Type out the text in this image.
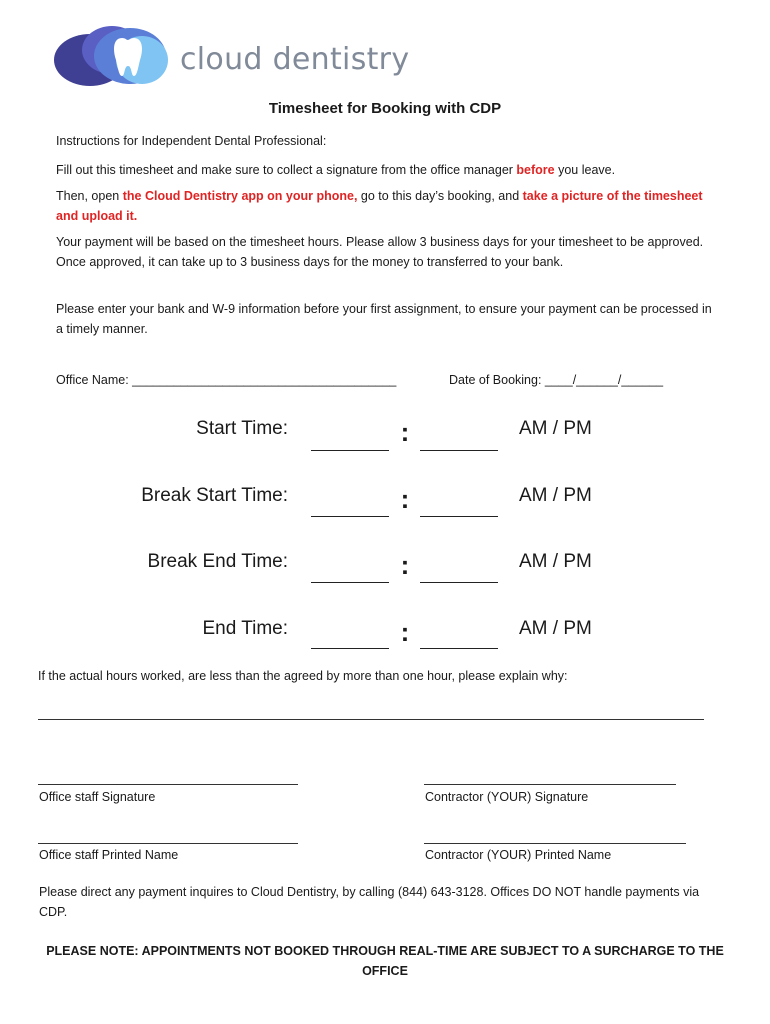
cloud dentistry
Timesheet for Booking with CDP
Instructions for Independent Dental Professional:
Fill out this timesheet and make sure to collect a signature from the office manager before you leave.
Then, open the Cloud Dentistry app on your phone, go to this day’s booking, and take a picture of the timesheet and upload it.
Your payment will be based on the timesheet hours. Please allow 3 business days for your timesheet to be approved. Once approved, it can take up to 3 business days for the money to transferred to your bank.
Please enter your bank and W-9 information before your first assignment, to ensure your payment can be processed in a timely manner.
Office Name: ______________________________________	Date of Booking: ____/______/______
Start Time:	:	AM / PM
Break Start Time:	:	AM / PM
Break End Time:	:	AM / PM
End Time:	:	AM / PM
If the actual hours worked, are less than the agreed by more than one hour, please explain why:
Office staff Signature	Contractor (YOUR) Signature
Office staff Printed Name	Contractor (YOUR) Printed Name
Please direct any payment inquires to Cloud Dentistry, by calling (844) 643-3128. Offices DO NOT handle payments via CDP.
PLEASE NOTE: APPOINTMENTS NOT BOOKED THROUGH REAL-TIME ARE SUBJECT TO A SURCHARGE TO THE OFFICE
